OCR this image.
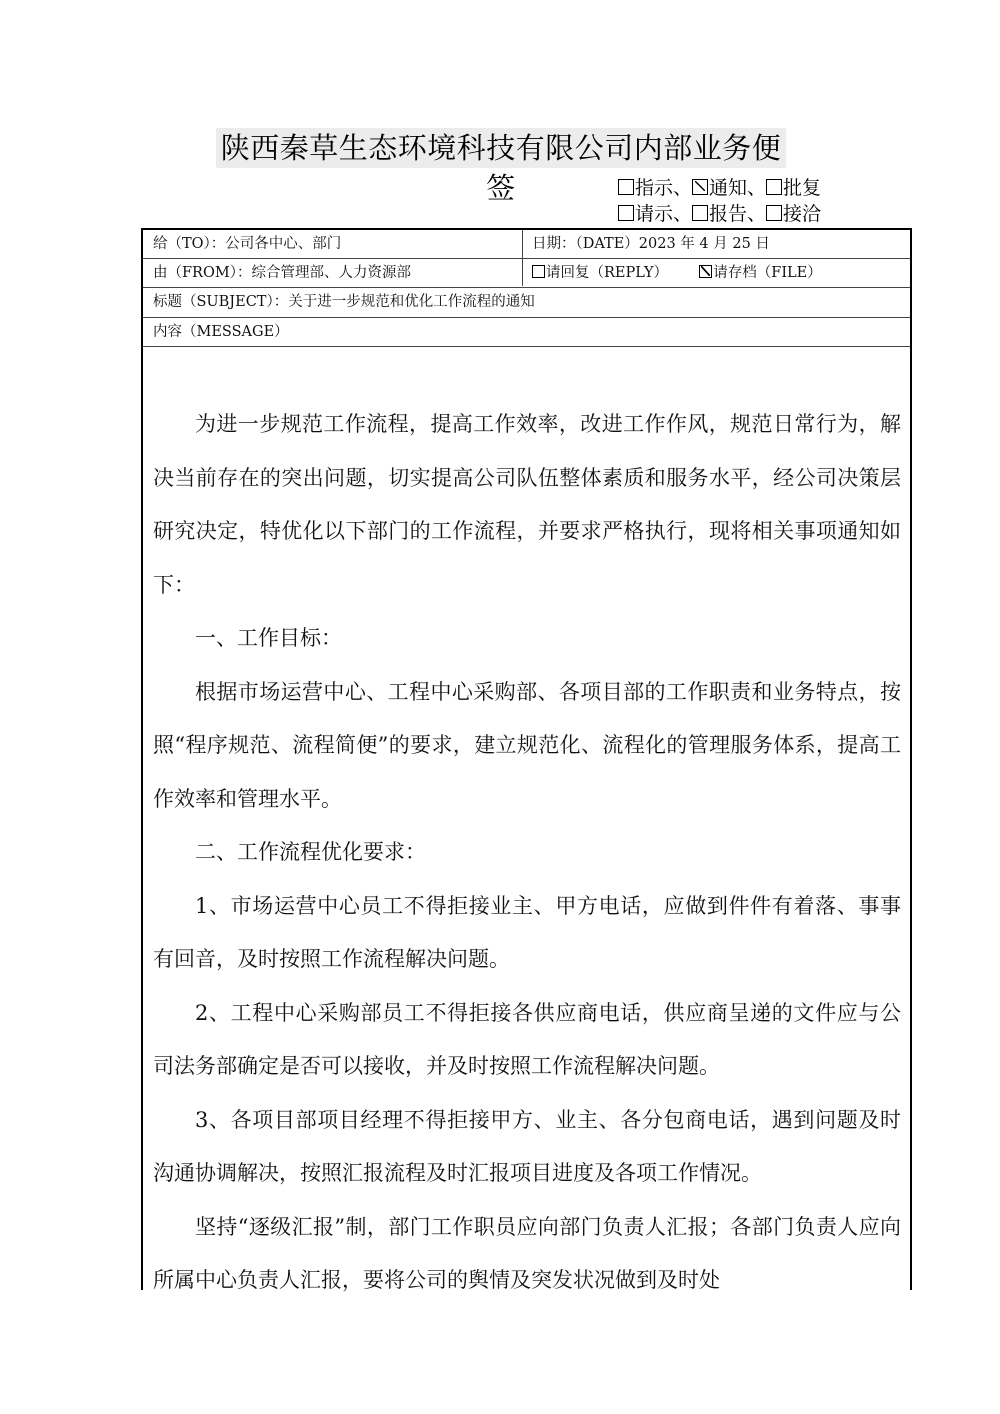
陕西秦草生态环境科技有限公司内部业务便签	指示、 通知、 批复
请示、 报告、 接洽
给（TO）：公司各中心、部门	日期：（DATE）2023 年 4 月 25 日
由（FROM）：综合管理部、人力资源部	请回复（REPLY）	请存档（FILE）
标题（SUBJECT）：关于进一步规范和优化工作流程的通知
内容（MESSAGE）

为进一步规范工作流程，提高工作效率，改进工作作风，规范日常行为，解决当前存在的突出问题，切实提高公司队伍整体素质和服务水平，经公司决策层研究决定，特优化以下部门的工作流程，并要求严格执行，现将相关事项通知如下：

一、工作目标：

根据市场运营中心、工程中心采购部、各项目部的工作职责和业务特点，按照“程序规范、流程简便”的要求，建立规范化、流程化的管理服务体系，提高工作效率和管理水平。

二、工作流程优化要求：

1、市场运营中心员工不得拒接业主、甲方电话，应做到件件有着落、事事有回音，及时按照工作流程解决问题。

2、工程中心采购部员工不得拒接各供应商电话，供应商呈递的文件应与公司法务部确定是否可以接收，并及时按照工作流程解决问题。

3、各项目部项目经理不得拒接甲方、业主、各分包商电话，遇到问题及时沟通协调解决，按照汇报流程及时汇报项目进度及各项工作情况。

坚持“逐级汇报”制，部门工作职员应向部门负责人汇报；各部门负责人应向所属中心负责人汇报，要将公司的舆情及突发状况做到及时处
